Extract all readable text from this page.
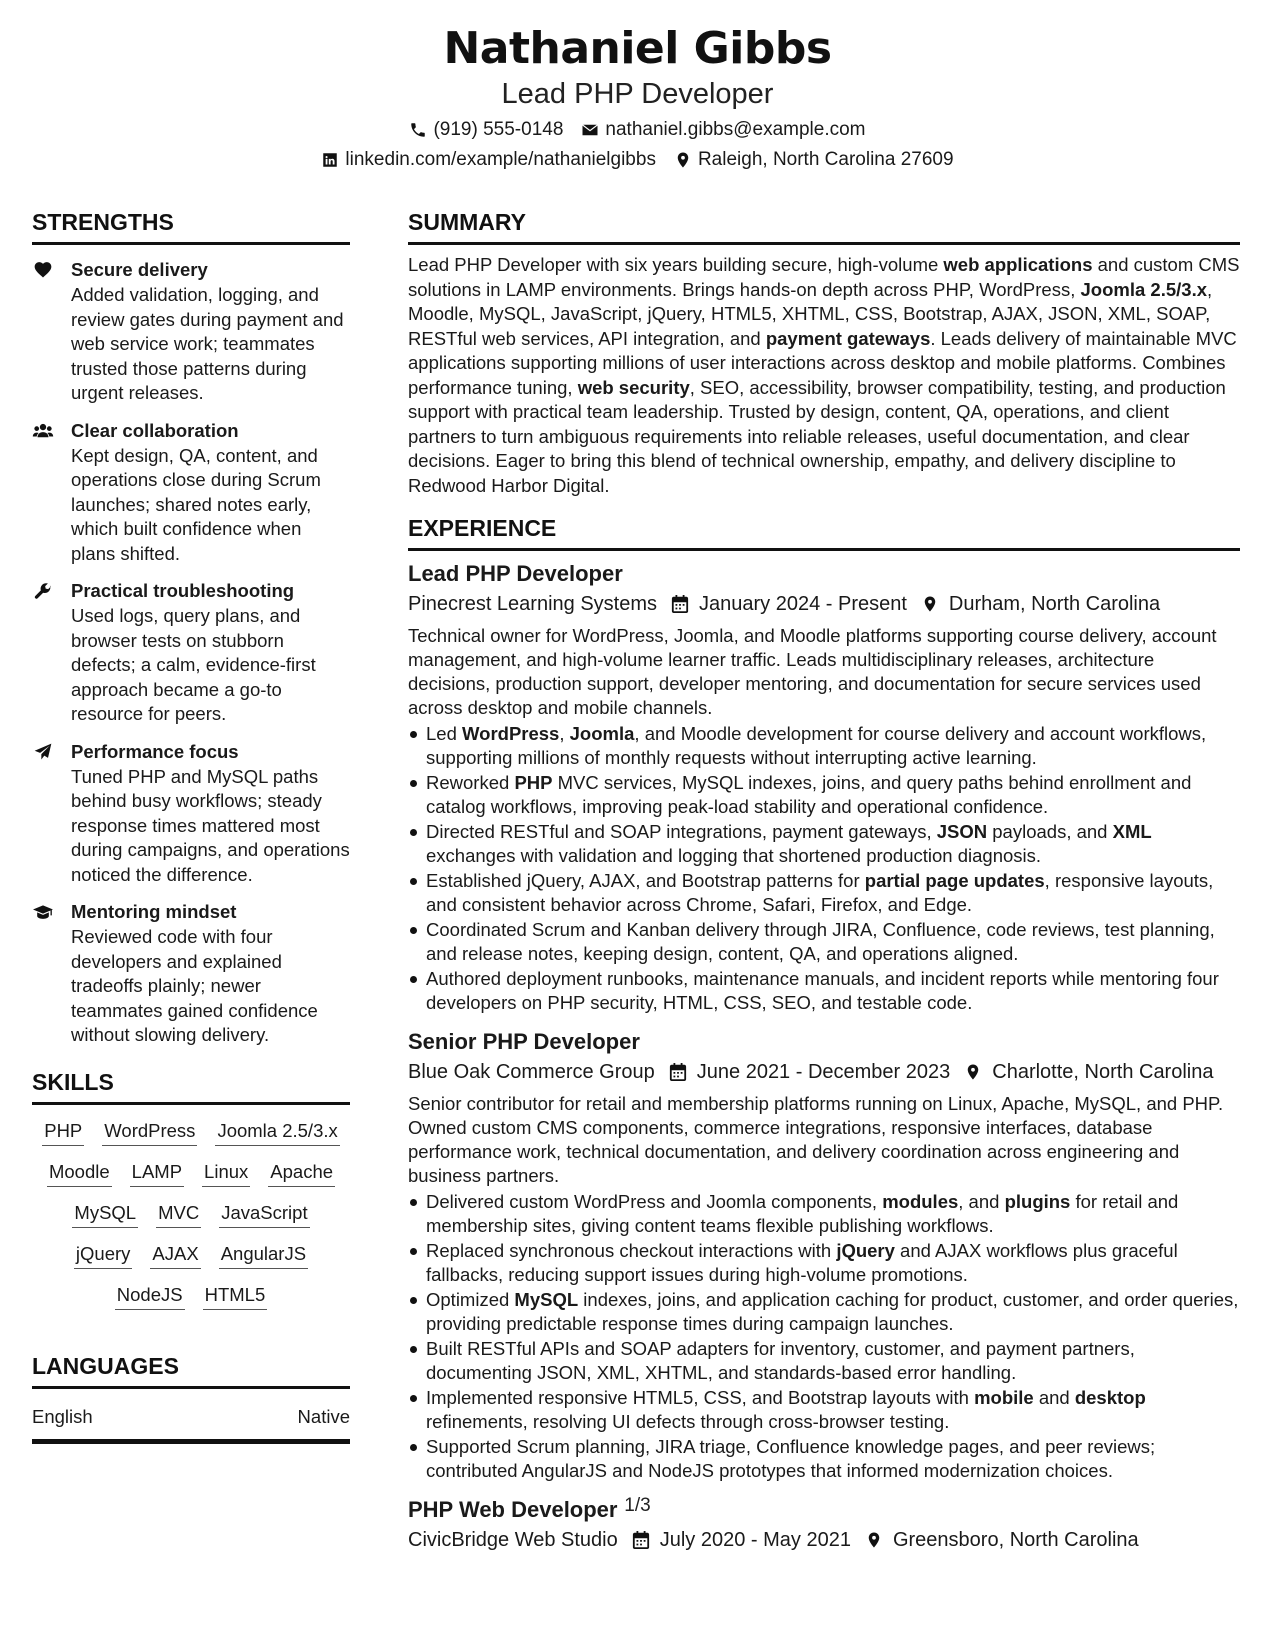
Nathaniel Gibbs
Lead PHP Developer
(919) 555-0148 nathaniel.gibbs@example.com
linkedin.com/example/nathanielgibbs Raleigh, North Carolina 27609
STRENGTHS
Secure delivery
Added validation, logging, and review gates during payment and web service work; teammates trusted those patterns during urgent releases.
Clear collaboration
Kept design, QA, content, and operations close during Scrum launches; shared notes early, which built confidence when plans shifted.
Practical troubleshooting
Used logs, query plans, and browser tests on stubborn defects; a calm, evidence-first approach became a go-to resource for peers.
Performance focus
Tuned PHP and MySQL paths behind busy workflows; steady response times mattered most during campaigns, and operations noticed the difference.
Mentoring mindset
Reviewed code with four developers and explained tradeoffs plainly; newer teammates gained confidence without slowing delivery.
SKILLS
PHP WordPress Joomla 2.5/3.x
Moodle LAMP Linux Apache
MySQL MVC JavaScript
jQuery AJAX AngularJS
NodeJS HTML5
LANGUAGES
English	Native
SUMMARY

Lead PHP Developer with six years building secure, high-volume web applications and custom CMS solutions in LAMP environments. Brings hands-on depth across PHP, WordPress, Joomla 2.5/3.x, Moodle, MySQL, JavaScript, jQuery, HTML5, XHTML, CSS, Bootstrap, AJAX, JSON, XML, SOAP, RESTful web services, API integration, and payment gateways. Leads delivery of maintainable MVC applications supporting millions of user interactions across desktop and mobile platforms. Combines performance tuning, web security, SEO, accessibility, browser compatibility, testing, and production support with practical team leadership. Trusted by design, content, QA, operations, and client partners to turn ambiguous requirements into reliable releases, useful documentation, and clear decisions. Eager to bring this blend of technical ownership, empathy, and delivery discipline to Redwood Harbor Digital.

EXPERIENCE
Lead PHP Developer
Pinecrest Learning Systems January 2024 - Present Durham, North Carolina

Technical owner for WordPress, Joomla, and Moodle platforms supporting course delivery, account management, and high-volume learner traffic. Leads multidisciplinary releases, architecture decisions, production support, developer mentoring, and documentation for secure services used across desktop and mobile channels.

Led WordPress, Joomla, and Moodle development for course delivery and account workflows, supporting millions of monthly requests without interrupting active learning.
Reworked PHP MVC services, MySQL indexes, joins, and query paths behind enrollment and catalog workflows, improving peak-load stability and operational confidence.
Directed RESTful and SOAP integrations, payment gateways, JSON payloads, and XML exchanges with validation and logging that shortened production diagnosis.
Established jQuery, AJAX, and Bootstrap patterns for partial page updates, responsive layouts, and consistent behavior across Chrome, Safari, Firefox, and Edge.
Coordinated Scrum and Kanban delivery through JIRA, Confluence, code reviews, test planning, and release notes, keeping design, content, QA, and operations aligned.
Authored deployment runbooks, maintenance manuals, and incident reports while mentoring four developers on PHP security, HTML, CSS, SEO, and testable code.
Senior PHP Developer
Blue Oak Commerce Group June 2021 - December 2023 Charlotte, North Carolina

Senior contributor for retail and membership platforms running on Linux, Apache, MySQL, and PHP. Owned custom CMS components, commerce integrations, responsive interfaces, database performance work, technical documentation, and delivery coordination across engineering and business partners.

Delivered custom WordPress and Joomla components, modules, and plugins for retail and membership sites, giving content teams flexible publishing workflows.
Replaced synchronous checkout interactions with jQuery and AJAX workflows plus graceful fallbacks, reducing support issues during high-volume promotions.
Optimized MySQL indexes, joins, and application caching for product, customer, and order queries, providing predictable response times during campaign launches.
Built RESTful APIs and SOAP adapters for inventory, customer, and payment partners, documenting JSON, XML, XHTML, and standards-based error handling.
Implemented responsive HTML5, CSS, and Bootstrap layouts with mobile and desktop refinements, resolving UI defects through cross-browser testing.
Supported Scrum planning, JIRA triage, Confluence knowledge pages, and peer reviews; contributed AngularJS and NodeJS prototypes that informed modernization choices.
PHP Web Developer
CivicBridge Web Studio July 2020 - May 2021 Greensboro, North Carolina
1/3
